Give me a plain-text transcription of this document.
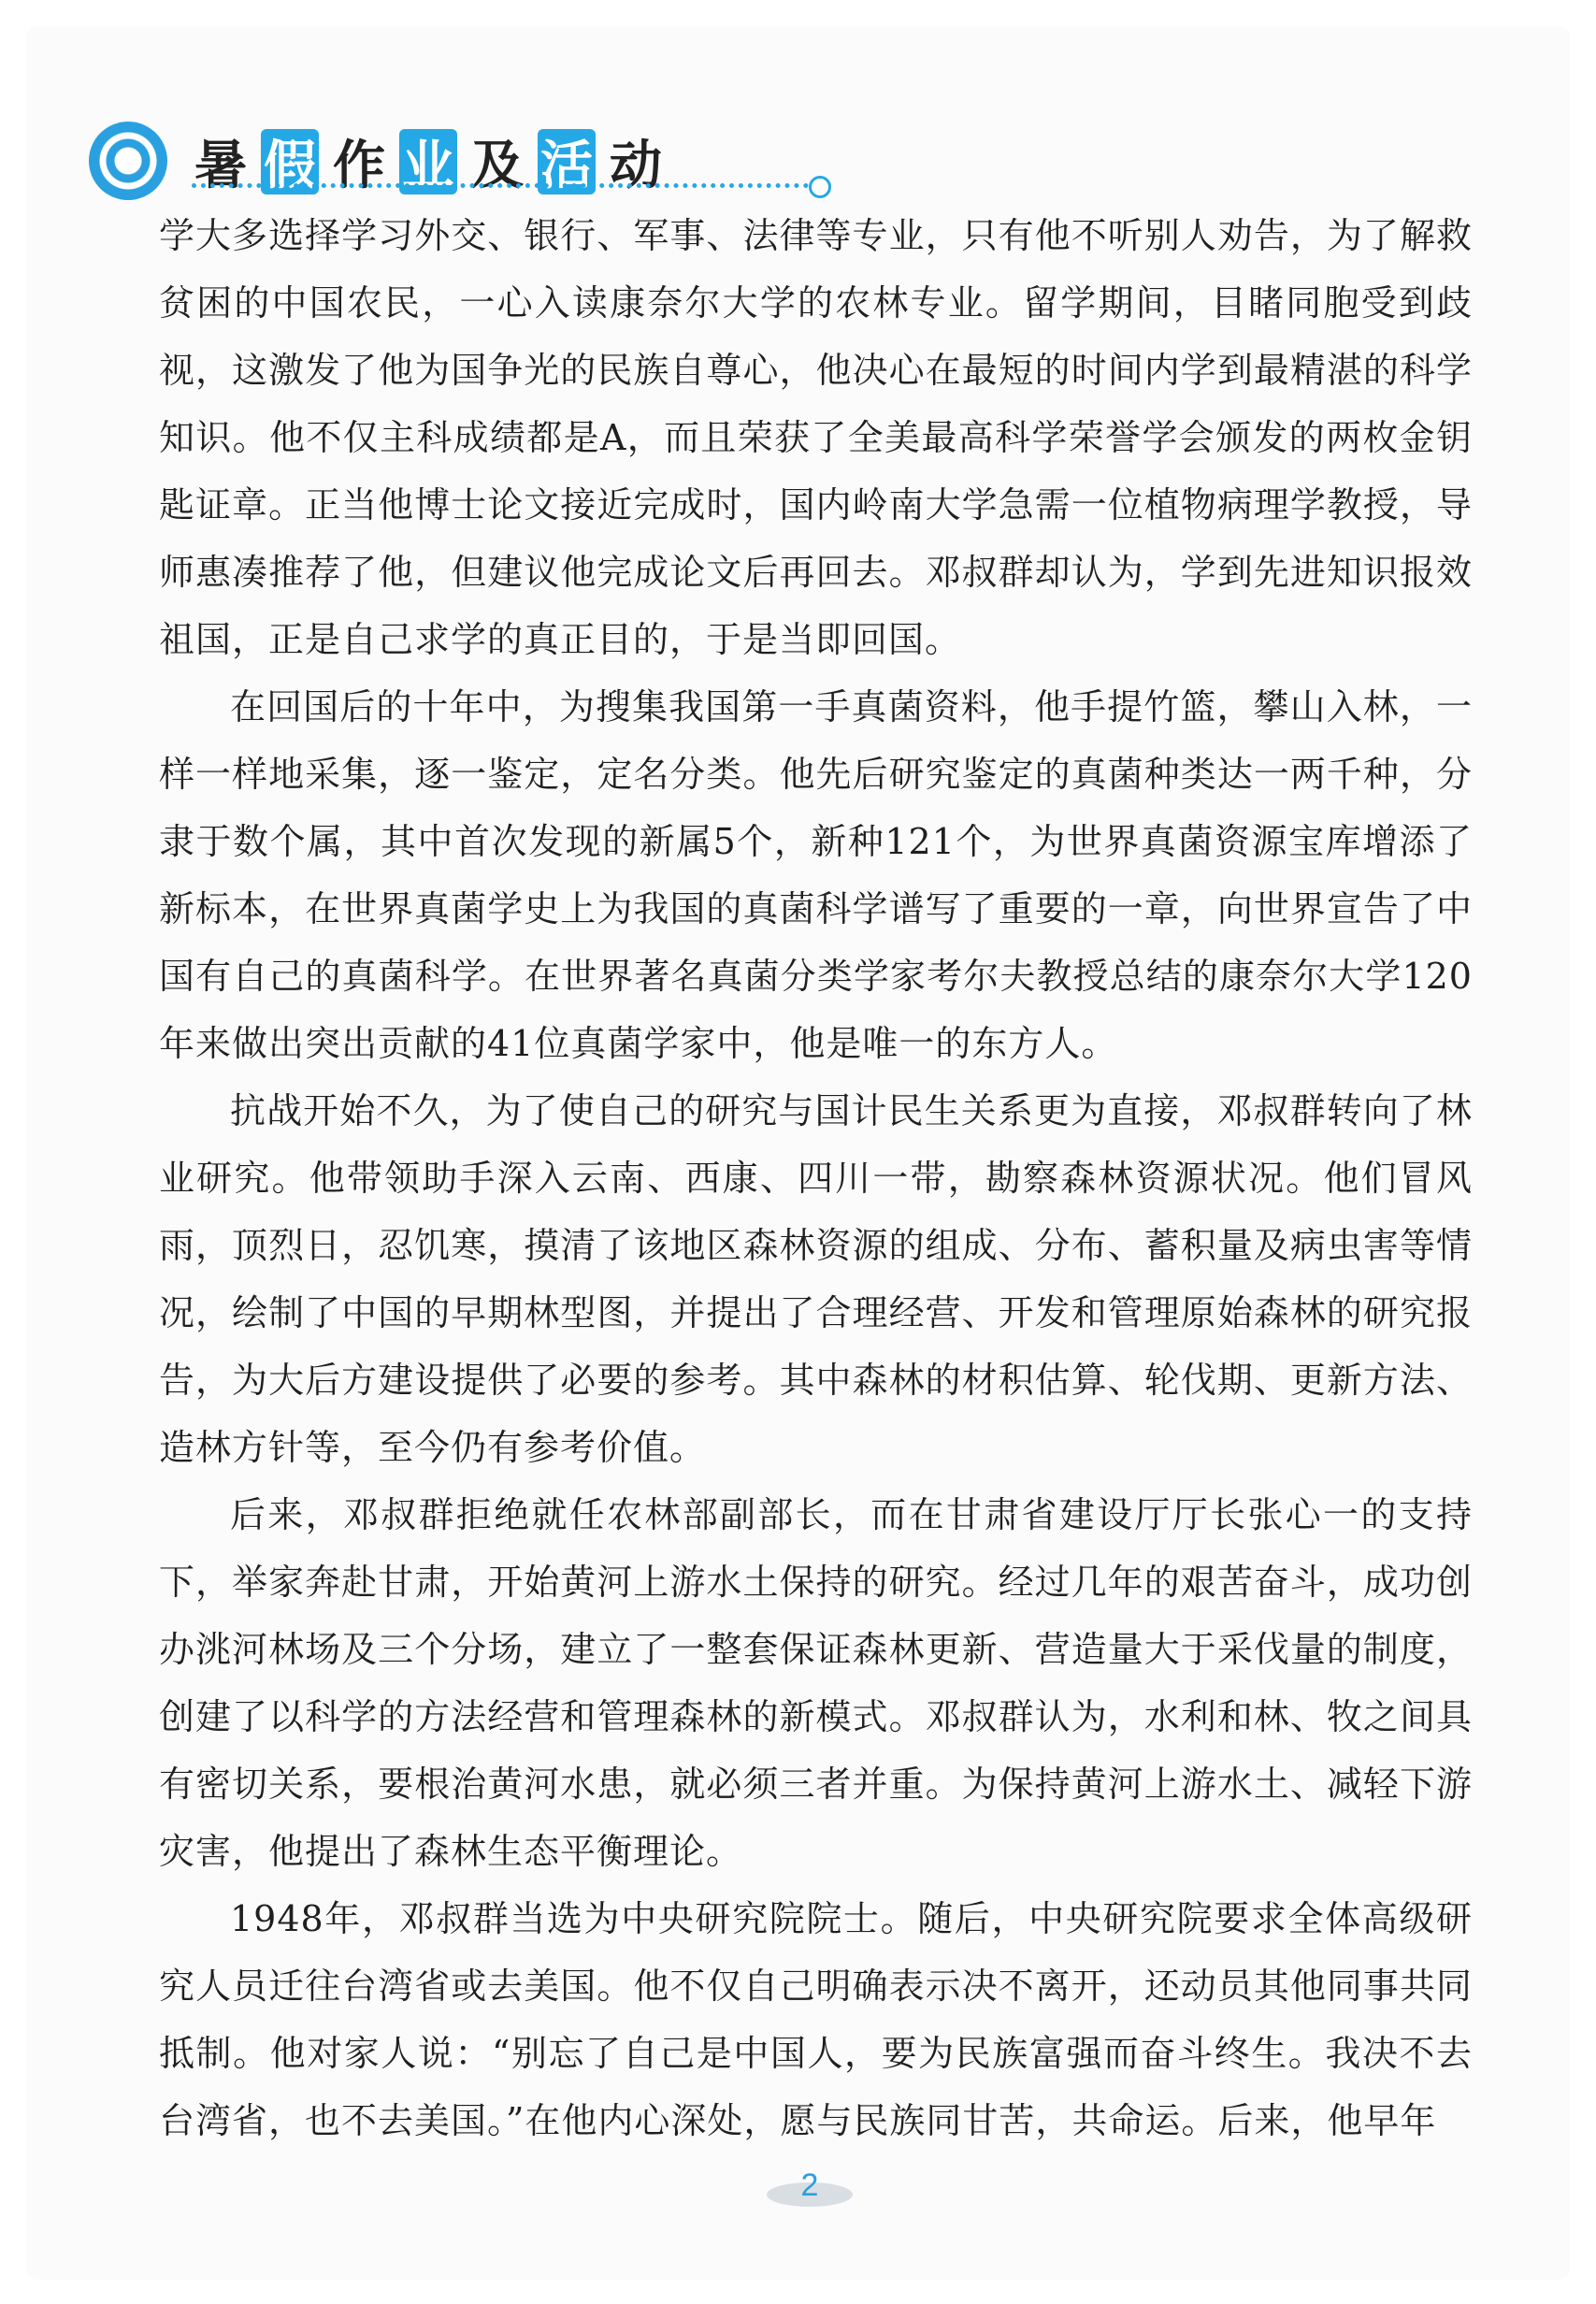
暑 假 作 业 及 活 动

学大多选择学习外交、银行、军事、法律等专业，只有他不听别人劝告，为了解救贫困的中国农民，一心入读康奈尔大学的农林专业。留学期间，目睹同胞受到歧视，这激发了他为国争光的民族自尊心，他决心在最短的时间内学到最精湛的科学知识。他不仅主科成绩都是A，而且荣获了全美最高科学荣誉学会颁发的两枚金钥匙证章。正当他博士论文接近完成时，国内岭南大学急需一位植物病理学教授，导师惠凑推荐了他，但建议他完成论文后再回去。邓叔群却认为，学到先进知识报效祖国，正是自己求学的真正目的，于是当即回国。

在回国后的十年中，为搜集我国第一手真菌资料，他手提竹篮，攀山入林，一样一样地采集，逐一鉴定，定名分类。他先后研究鉴定的真菌种类达一两千种，分隶于数个属，其中首次发现的新属5个，新种121个，为世界真菌资源宝库增添了新标本，在世界真菌学史上为我国的真菌科学谱写了重要的一章，向世界宣告了中国有自己的真菌科学。在世界著名真菌分类学家考尔夫教授总结的康奈尔大学120年来做出突出贡献的41位真菌学家中，他是唯一的东方人。

抗战开始不久，为了使自己的研究与国计民生关系更为直接，邓叔群转向了林业研究。他带领助手深入云南、西康、四川一带，勘察森林资源状况。他们冒风雨，顶烈日，忍饥寒，摸清了该地区森林资源的组成、分布、蓄积量及病虫害等情况，绘制了中国的早期林型图，并提出了合理经营、开发和管理原始森林的研究报告，为大后方建设提供了必要的参考。其中森林的材积估算、轮伐期、更新方法、造林方针等，至今仍有参考价值。

后来，邓叔群拒绝就任农林部副部长，而在甘肃省建设厅厅长张心一的支持下，举家奔赴甘肃，开始黄河上游水土保持的研究。经过几年的艰苦奋斗，成功创办洮河林场及三个分场，建立了一整套保证森林更新、营造量大于采伐量的制度，创建了以科学的方法经营和管理森林的新模式。邓叔群认为，水利和林、牧之间具有密切关系，要根治黄河水患，就必须三者并重。为保持黄河上游水土、减轻下游灾害，他提出了森林生态平衡理论。

1948年，邓叔群当选为中央研究院院士。随后，中央研究院要求全体高级研究人员迁往台湾省或去美国。他不仅自己明确表示决不离开，还动员其他同事共同抵制。他对家人说：“别忘了自己是中国人，要为民族富强而奋斗终生。我决不去台湾省，也不去美国。”在他内心深处，愿与民族同甘苦，共命运。后来，他早年

2
